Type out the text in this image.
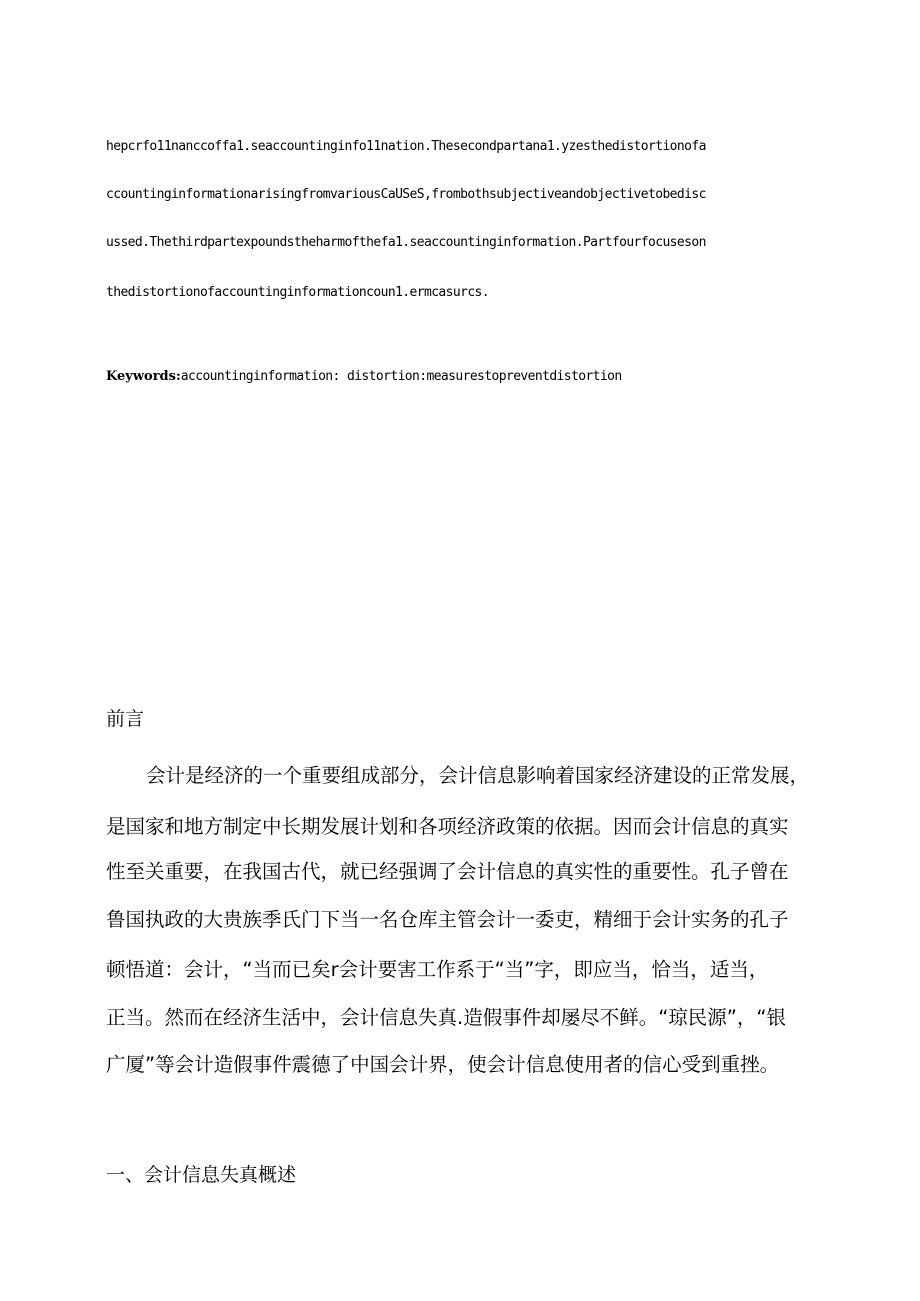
hepcrfo11nanccoffa1.seaccountinginfo11nation.Thesecondpartana1.yzesthedistortionofa
ccountinginformationarisingfromvariousCaUSeS,frombothsubjectiveandobjectivetobedisc
ussed.Thethirdpartexpoundstheharmofthefa1.seaccountinginformation.Partfourfocuseson
thedistortionofaccountinginformationcoun1.ermcasurcs.
Keywords:accountinginformation: distortion:measurestopreventdistortion
前言
会计是经济的一个重要组成部分，会计信息影响着国家经济建设的正常发展，
是国家和地方制定中长期发展计划和各项经济政策的依据。因而会计信息的真实
性至关重要，在我国古代，就已经强调了会计信息的真实性的重要性。孔子曾在
鲁国执政的大贵族季氏门下当一名仓库主管会计一委吏，精细于会计实务的孔子
顿悟道：会计，“当而已矣r会计要害工作系于“当”字，即应当，恰当，适当，
正当。然而在经济生活中，会计信息失真.造假事件却屡尽不鲜。“琼民源”，“银
广厦”等会计造假事件震德了中国会计界，使会计信息使用者的信心受到重挫。
一、会计信息失真概述
